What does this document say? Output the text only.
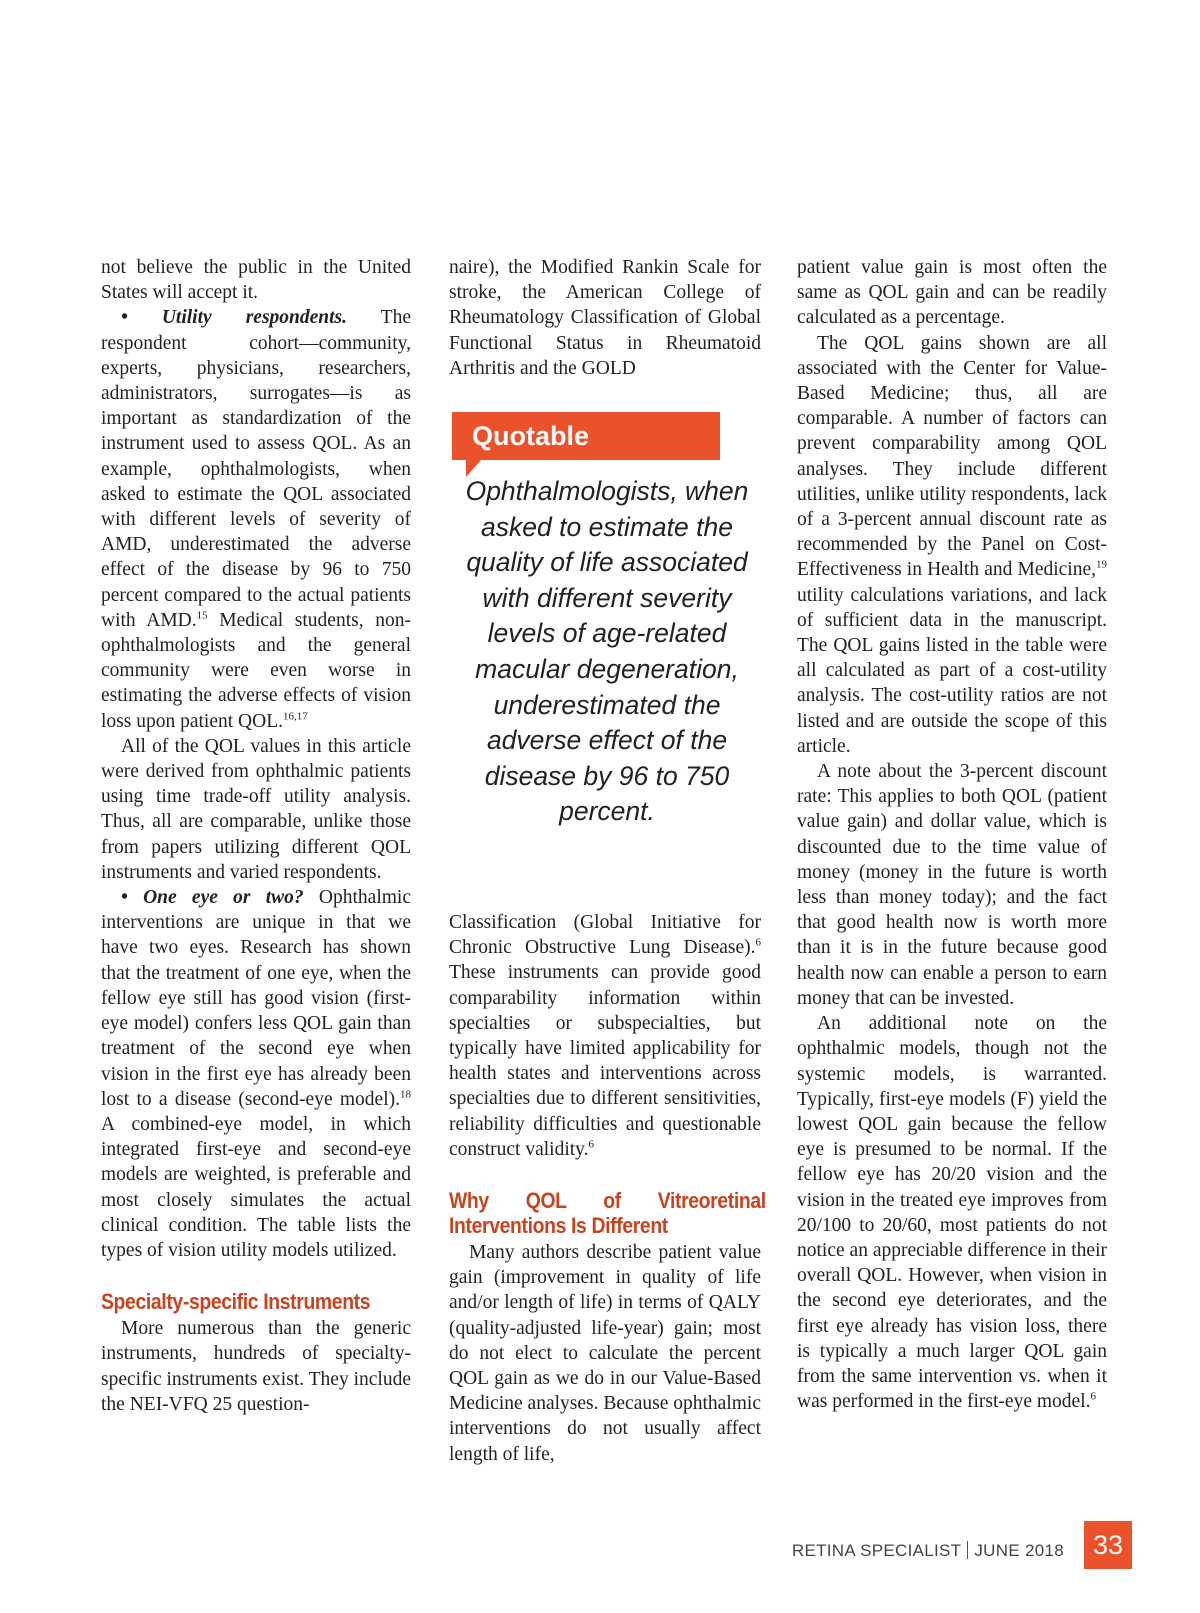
not believe the public in the United States will accept it.

• Utility respondents. The respondent cohort—community, experts, physicians, researchers, administrators, surrogates—is as important as standardization of the instrument used to assess QOL. As an example, ophthalmologists, when asked to estimate the QOL associated with different levels of severity of AMD, underestimated the adverse effect of the disease by 96 to 750 percent compared to the actual patients with AMD.$^{15}$ Medical students, non-ophthalmologists and the general community were even worse in estimating the adverse effects of vision loss upon patient QOL.$^{16,17}$

All of the QOL values in this article were derived from ophthalmic patients using time trade-off utility analysis. Thus, all are comparable, unlike those from papers utilizing different QOL instruments and varied respondents.

• One eye or two? Ophthalmic interventions are unique in that we have two eyes. Research has shown that the treatment of one eye, when the fellow eye still has good vision (first-eye model) confers less QOL gain than treatment of the second eye when vision in the first eye has already been lost to a disease (second-eye model).$^{18}$ A combined-eye model, in which integrated first-eye and second-eye models are weighted, is preferable and most closely simulates the actual clinical condition. The table lists the types of vision utility models utilized.

Specialty-specific Instruments

More numerous than the generic instruments, hundreds of specialty-specific instruments exist. They include the NEI-VFQ 25 question-

naire), the Modified Rankin Scale for stroke, the American College of Rheumatology Classification of Global Functional Status in Rheumatoid Arthritis and the GOLD

Classification (Global Initiative for Chronic Obstructive Lung Disease).$^6$ These instruments can provide good comparability information within specialties or subspecialties, but typically have limited applicability for health states and interventions across specialties due to different sensitivities, reliability difficulties and questionable construct validity.$^6$

Why QOL of Vitreoretinal Interventions Is Different

Many authors describe patient value gain (improvement in quality of life and/or length of life) in terms of QALY (quality-adjusted life-year) gain; most do not elect to calculate the percent QOL gain as we do in our Value-Based Medicine analyses. Because ophthalmic interventions do not usually affect length of life,

Quotable
Ophthalmologists, when asked to estimate the quality of life associated with different severity levels of age-related macular degeneration, underestimated the adverse effect of the disease by 96 to 750 percent.

patient value gain is most often the same as QOL gain and can be readily calculated as a percentage.

The QOL gains shown are all associated with the Center for Value-Based Medicine; thus, all are comparable. A number of factors can prevent comparability among QOL analyses. They include different utilities, unlike utility respondents, lack of a 3-percent annual discount rate as recommended by the Panel on Cost-Effectiveness in Health and Medicine,$^{19}$ utility calculations variations, and lack of sufficient data in the manuscript. The QOL gains listed in the table were all calculated as part of a cost-utility analysis. The cost-utility ratios are not listed and are outside the scope of this article.

A note about the 3-percent discount rate: This applies to both QOL (patient value gain) and dollar value, which is discounted due to the time value of money (money in the future is worth less than money today); and the fact that good health now is worth more than it is in the future because good health now can enable a person to earn money that can be invested.

An additional note on the ophthalmic models, though not the systemic models, is warranted. Typically, first-eye models (F) yield the lowest QOL gain because the fellow eye is presumed to be normal. If the fellow eye has 20/20 vision and the vision in the treated eye improves from 20/100 to 20/60, most patients do not notice an appreciable difference in their overall QOL. However, when vision in the second eye deteriorates, and the first eye already has vision loss, there is typically a much larger QOL gain from the same intervention vs. when it was performed in the first-eye model.$^6$

RETINA SPECIALIST JUNE 2018	33
